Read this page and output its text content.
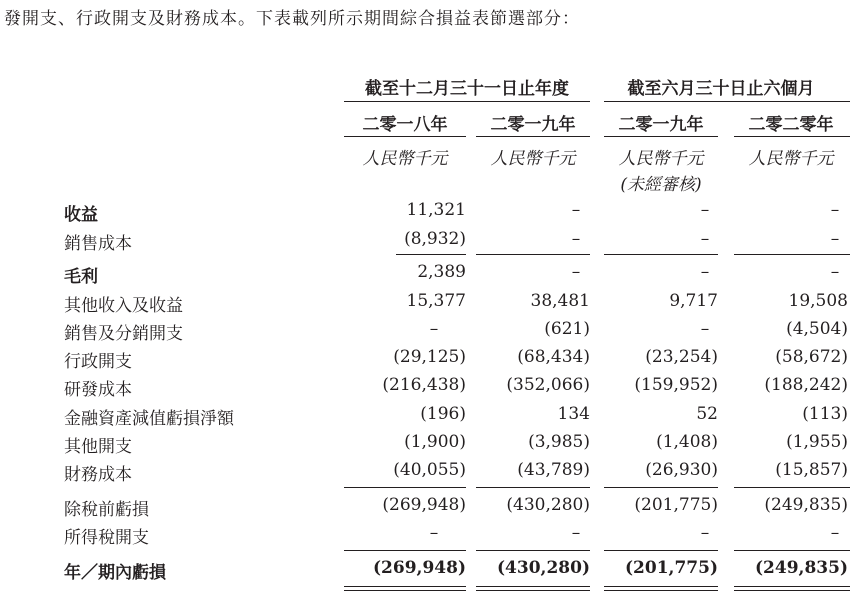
發開支、行政開支及財務成本。下表載列所示期間綜合損益表節選部分：
截至十二月三十一日止年度	截至六月三十日止六個月
二零一八年	二零一九年	二零一九年	二零二零年
人民幣千元	人民幣千元	人民幣千元	人民幣千元
(未經審核)
收益	11,321	–	–	–
銷售成本	(8,932)	–	–	–
毛利	2,389	–	–	–
其他收入及收益	15,377	38,481	9,717	19,508
銷售及分銷開支	–	(621)	–	(4,504)
行政開支	(29,125)	(68,434)	(23,254)	(58,672)
研發成本	(216,438)	(352,066)	(159,952)	(188,242)
金融資產減值虧損淨額	(196)	134	52	(113)
其他開支	(1,900)	(3,985)	(1,408)	(1,955)
財務成本	(40,055)	(43,789)	(26,930)	(15,857)
除稅前虧損	(269,948)	(430,280)	(201,775)	(249,835)
所得稅開支	–	–	–	–
年／期內虧損	(269,948)	(430,280)	(201,775)	(249,835)
